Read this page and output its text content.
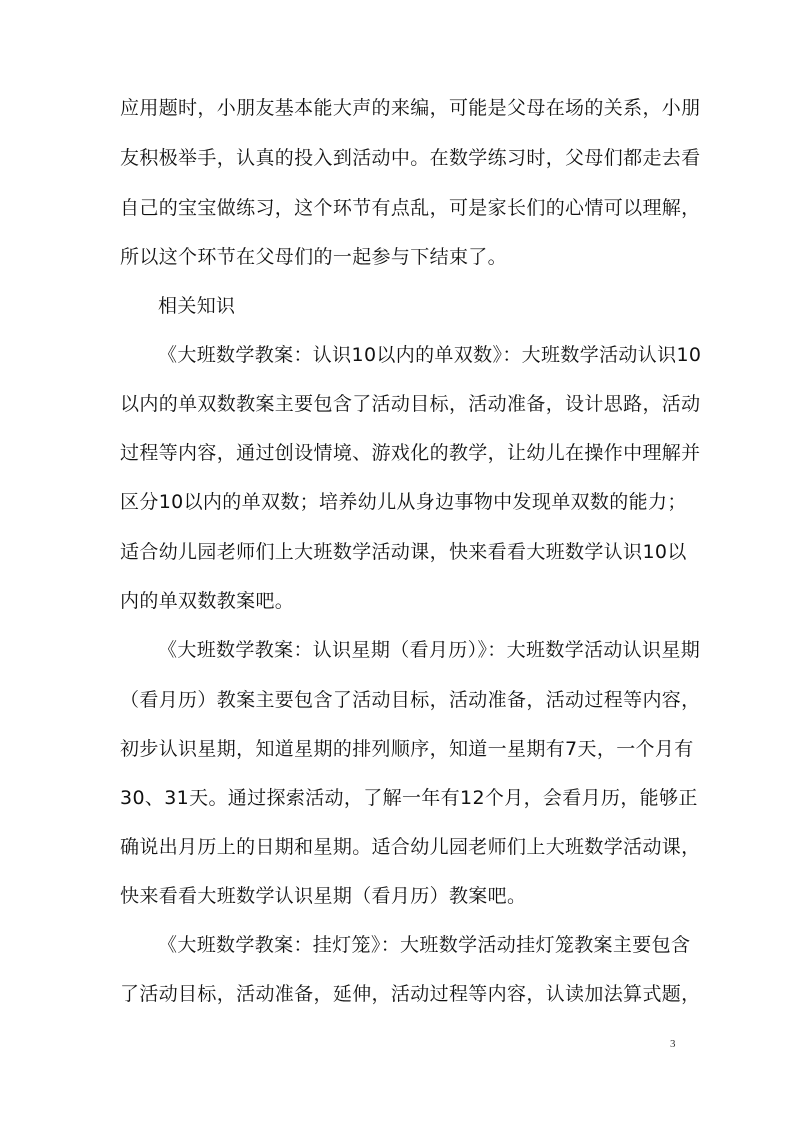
应用题时，小朋友基本能大声的来编，可能是父母在场的关系，小朋
友积极举手，认真的投入到活动中。在数学练习时，父母们都走去看
自己的宝宝做练习，这个环节有点乱，可是家长们的心情可以理解，
所以这个环节在父母们的一起参与下结束了。
相关知识
《大班数学教案：认识10以内的单双数》：大班数学活动认识10
以内的单双数教案主要包含了活动目标，活动准备，设计思路，活动
过程等内容，通过创设情境、游戏化的教学，让幼儿在操作中理解并
区分10以内的单双数；培养幼儿从身边事物中发现单双数的能力；
适合幼儿园老师们上大班数学活动课，快来看看大班数学认识10以
内的单双数教案吧。
《大班数学教案：认识星期（看月历）》：大班数学活动认识星期
（看月历）教案主要包含了活动目标，活动准备，活动过程等内容，
初步认识星期，知道星期的排列顺序，知道一星期有7天，一个月有
30、31天。通过探索活动，了解一年有12个月，会看月历，能够正
确说出月历上的日期和星期。适合幼儿园老师们上大班数学活动课，
快来看看大班数学认识星期（看月历）教案吧。
《大班数学教案：挂灯笼》：大班数学活动挂灯笼教案主要包含
了活动目标，活动准备，延伸，活动过程等内容，认读加法算式题，
3
